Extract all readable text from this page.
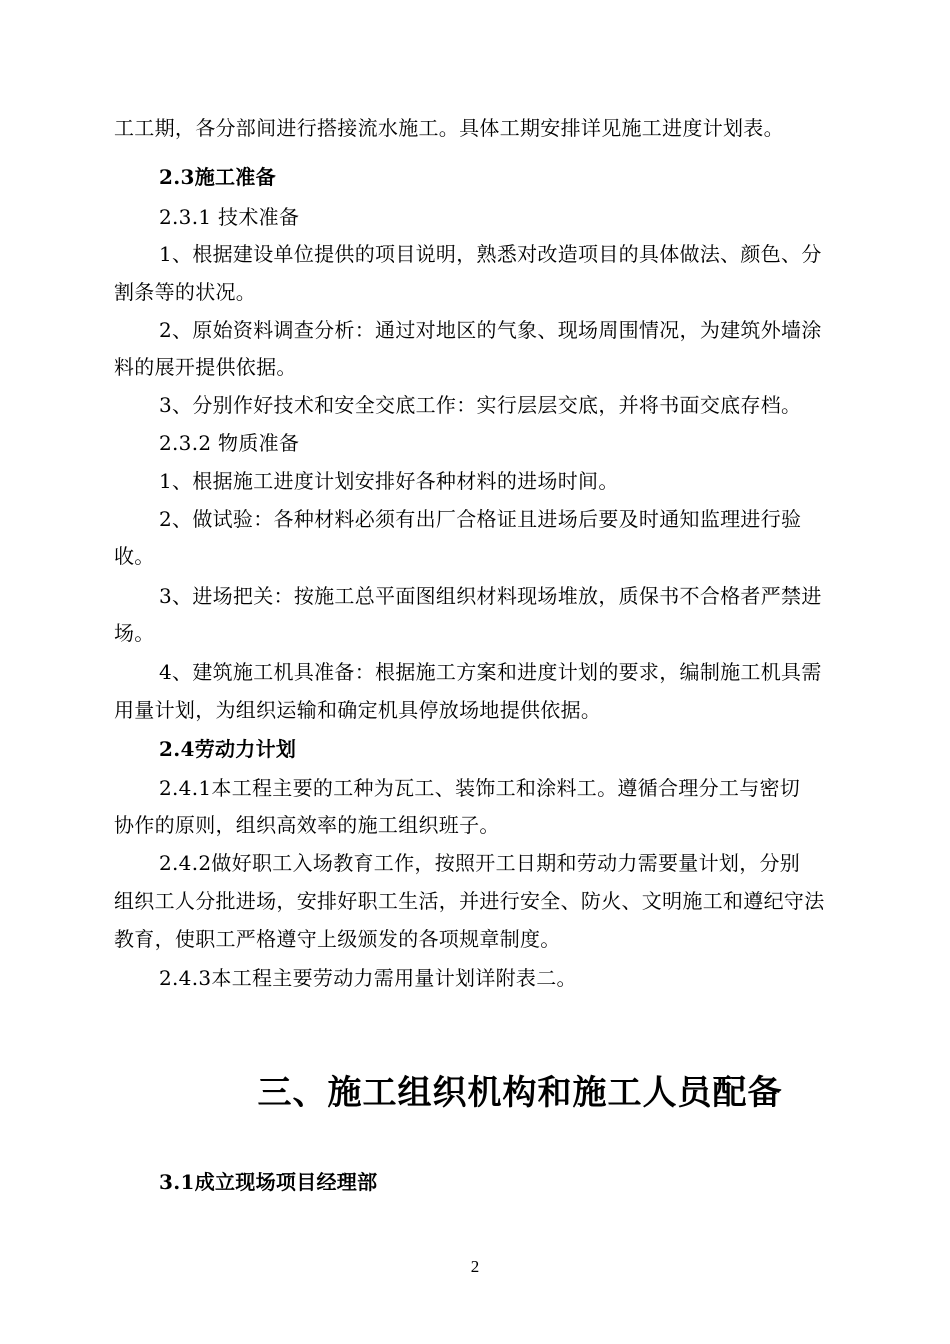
工工期，各分部间进行搭接流水施工。具体工期安排详见施工进度计划表。
2.3施工准备
2.3.1 技术准备
1、根据建设单位提供的项目说明，熟悉对改造项目的具体做法、颜色、分
割条等的状况。
2、原始资料调查分析：通过对地区的气象、现场周围情况，为建筑外墙涂
料的展开提供依据。
3、分别作好技术和安全交底工作：实行层层交底，并将书面交底存档。
2.3.2 物质准备
1、根据施工进度计划安排好各种材料的进场时间。
2、做试验：各种材料必须有出厂合格证且进场后要及时通知监理进行验
收。
3、进场把关：按施工总平面图组织材料现场堆放，质保书不合格者严禁进
场。
4、建筑施工机具准备：根据施工方案和进度计划的要求，编制施工机具需
用量计划，为组织运输和确定机具停放场地提供依据。
2.4劳动力计划
2.4.1本工程主要的工种为瓦工、装饰工和涂料工。遵循合理分工与密切
协作的原则，组织高效率的施工组织班子。
2.4.2做好职工入场教育工作，按照开工日期和劳动力需要量计划，分别
组织工人分批进场，安排好职工生活，并进行安全、防火、文明施工和遵纪守法
教育，使职工严格遵守上级颁发的各项规章制度。
2.4.3本工程主要劳动力需用量计划详附表二。
三、施工组织机构和施工人员配备
3.1成立现场项目经理部
2
